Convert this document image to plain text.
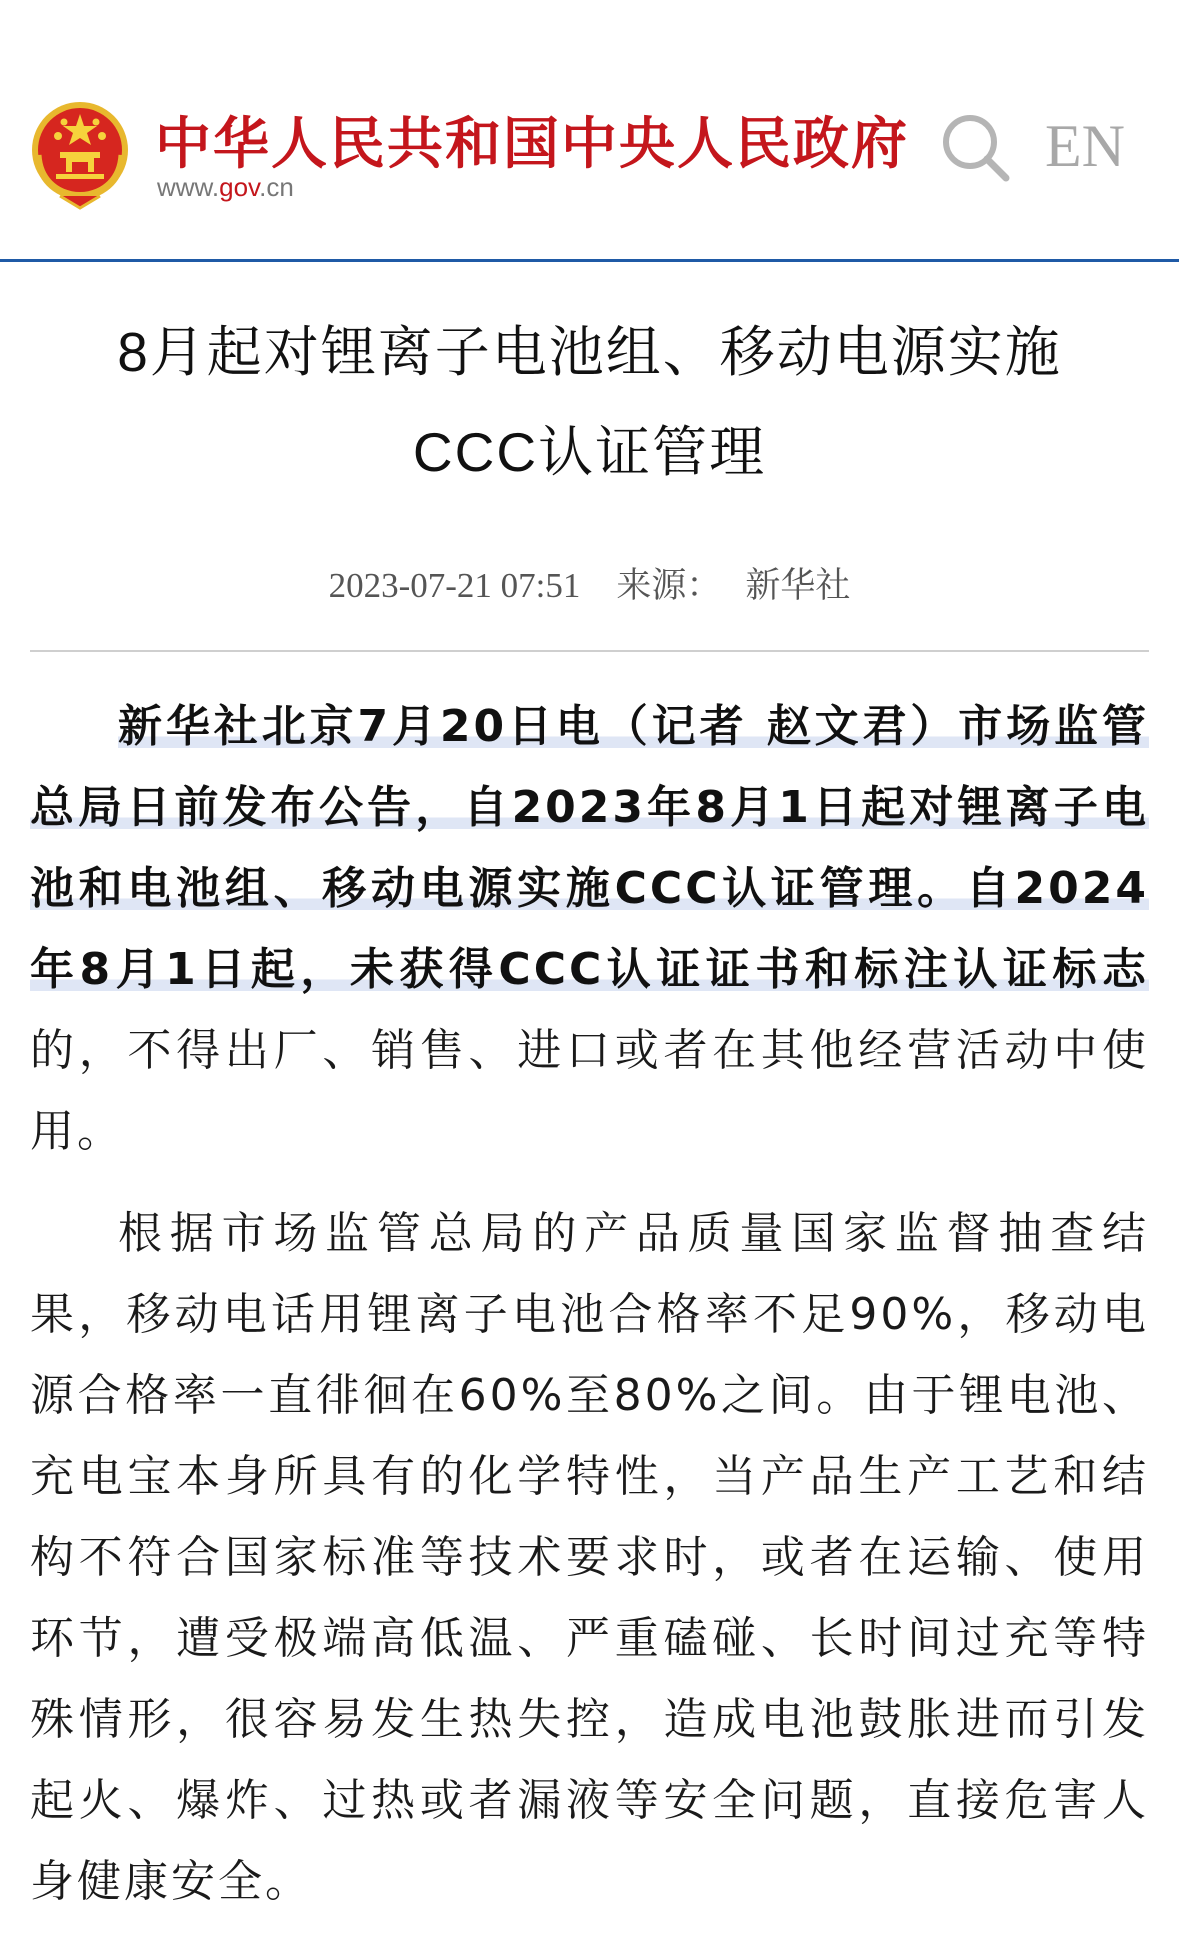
中华人民共和国中央人民政府
www.gov.cn
EN
8月起对锂离子电池组、移动电源实施
CCC认证管理
2023-07-21 07:51 来源： 新华社
新华社北京7月20日电（记者 赵文君）市场监管总局日前发布公告，自2023年8月1日起对锂离子电池和电池组、移动电源实施CCC认证管理。自2024年8月1日起，未获得CCC认证证书和标注认证标志的，不得出厂、销售、进口或者在其他经营活动中使用。
根据市场监管总局的产品质量国家监督抽查结果，移动电话用锂离子电池合格率不足90%，移动电源合格率一直徘徊在60%至80%之间。由于锂电池、充电宝本身所具有的化学特性，当产品生产工艺和结构不符合国家标准等技术要求时，或者在运输、使用环节，遭受极端高低温、严重磕碰、长时间过充等特殊情形，很容易发生热失控，造成电池鼓胀进而引发起火、爆炸、过热或者漏液等安全问题，直接危害人身健康安全。
